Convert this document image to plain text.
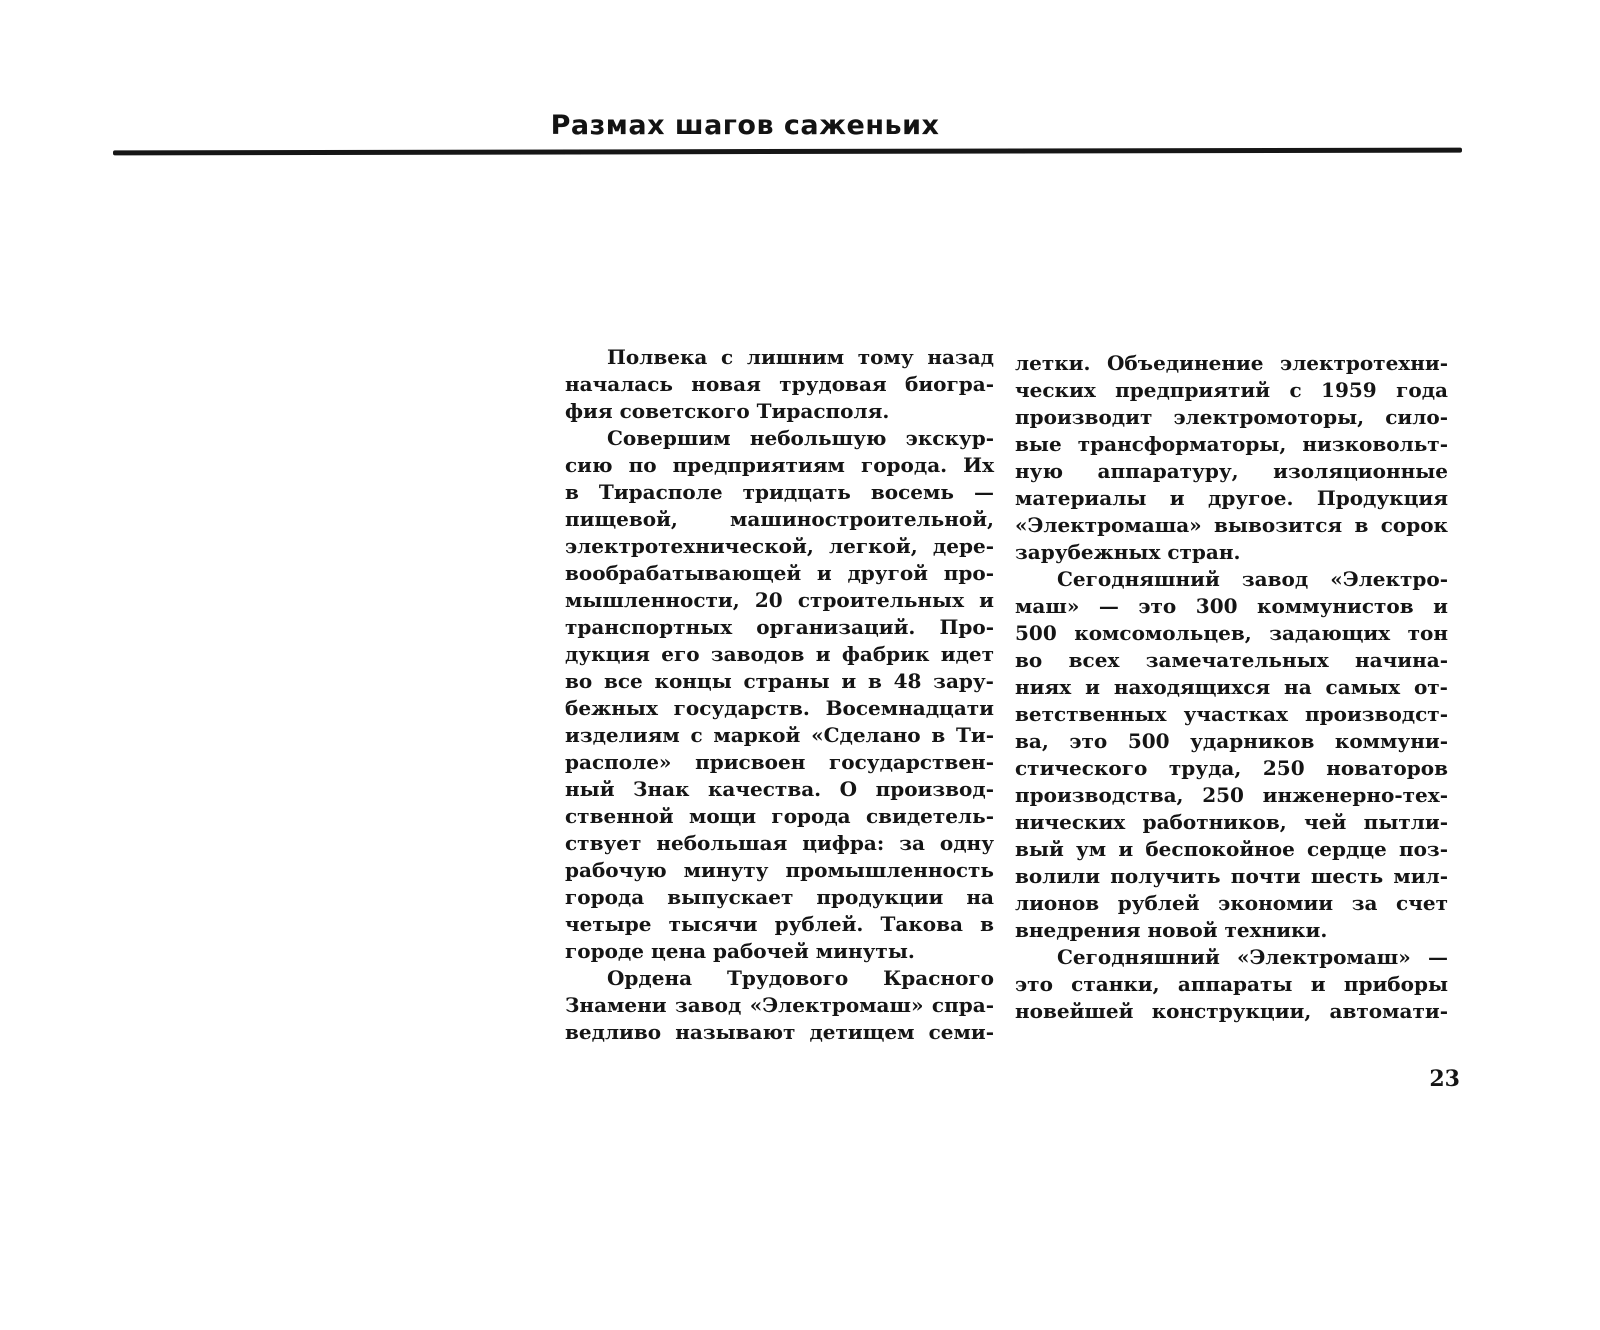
Размах шагов саженьих
Полвека с лишним тому назад
началась новая трудовая биогра-
фия советского Тирасполя.
Совершим небольшую экскур-
сию по предприятиям города. Их
в Тирасполе тридцать восемь —
пищевой, машиностроительной,
электротехнической, легкой, дере-
вообрабатывающей и другой про-
мышленности, 20 строительных и
транспортных организаций. Про-
дукция его заводов и фабрик идет
во все концы страны и в 48 зару-
бежных государств. Восемнадцати
изделиям с маркой «Сделано в Ти-
располе» присвоен государствен-
ный Знак качества. О производ-
ственной мощи города свидетель-
ствует небольшая цифра: за одну
рабочую минуту промышленность
города выпускает продукции на
четыре тысячи рублей. Такова в
городе цена рабочей минуты.
Ордена Трудового Красного
Знамени завод «Электромаш» спра-
ведливо называют детищем семи-
летки. Объединение электротехни-
ческих предприятий с 1959 года
производит электромоторы, сило-
вые трансформаторы, низковольт-
ную аппаратуру, изоляционные
материалы и другое. Продукция
«Электромаша» вывозится в сорок
зарубежных стран.
Сегодняшний завод «Электро-
маш» — это 300 коммунистов и
500 комсомольцев, задающих тон
во всех замечательных начина-
ниях и находящихся на самых от-
ветственных участках производст-
ва, это 500 ударников коммуни-
стического труда, 250 новаторов
производства, 250 инженерно-тех-
нических работников, чей пытли-
вый ум и беспокойное сердце поз-
волили получить почти шесть мил-
лионов рублей экономии за счет
внедрения новой техники.
Сегодняшний «Электромаш» —
это станки, аппараты и приборы
новейшей конструкции, автомати-
23
